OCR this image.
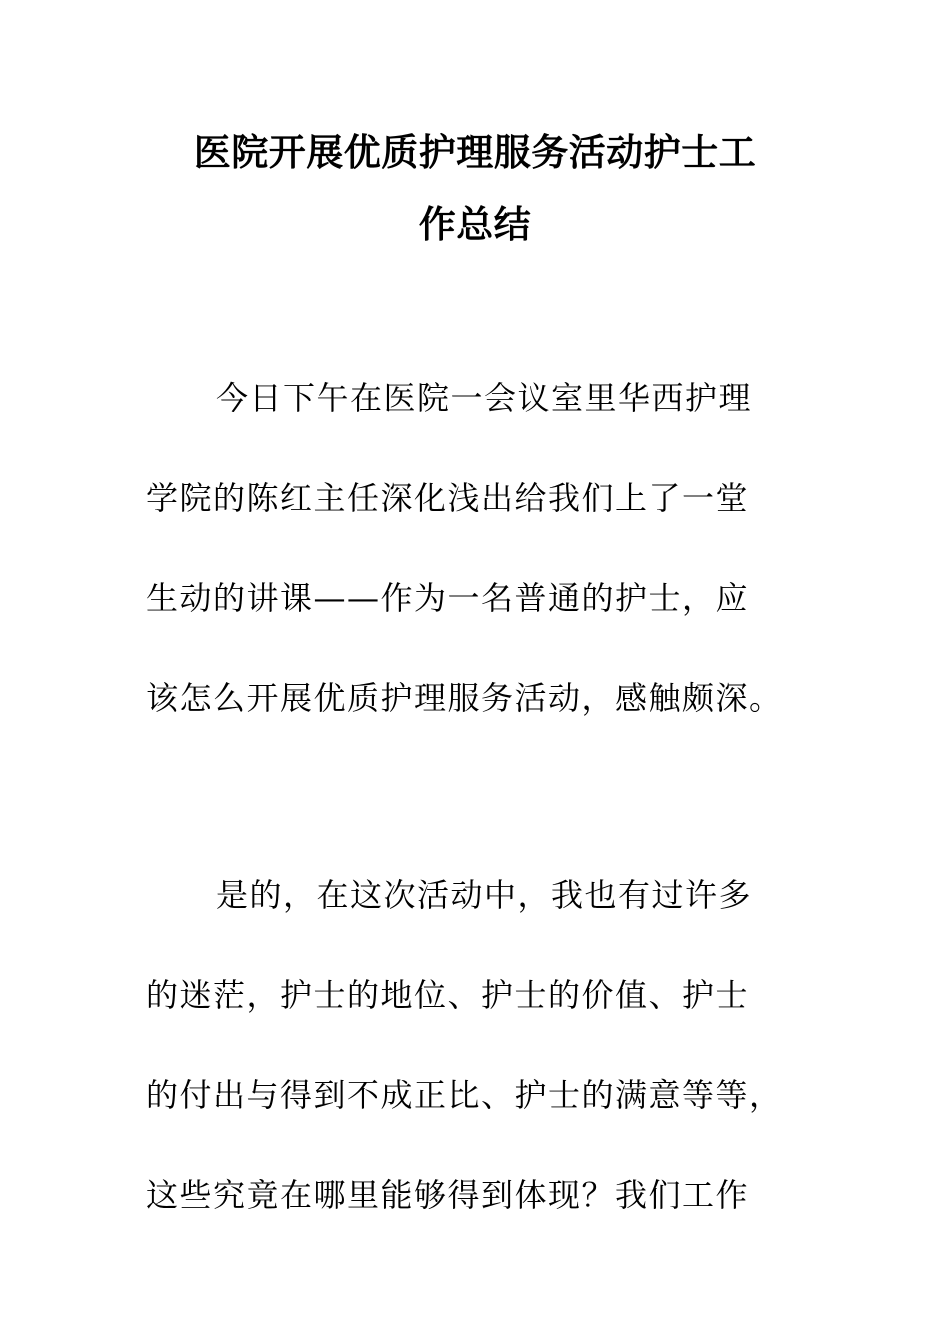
医院开展优质护理服务活动护士工
作总结
今日下午在医院一会议室里华西护理
学院的陈红主任深化浅出给我们上了一堂
生动的讲课——作为一名普通的护士，应
该怎么开展优质护理服务活动，感触颇深。
是的，在这次活动中，我也有过许多
的迷茫，护士的地位、护士的价值、护士
的付出与得到不成正比、护士的满意等等，
这些究竟在哪里能够得到体现？我们工作
